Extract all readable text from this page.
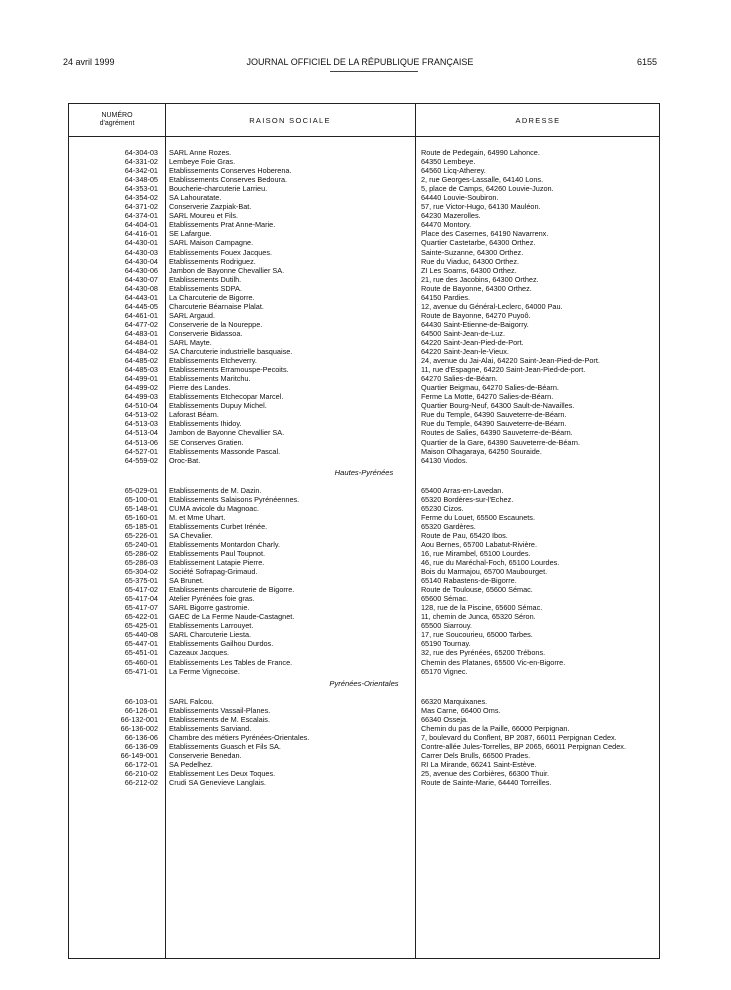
24 avril 1999	JOURNAL OFFICIEL DE LA RÉPUBLIQUE FRANÇAISE	6155
NUMÉRO
d'agrément	RAISON SOCIALE	ADRESSE
64-304-03 SARL Anne Rozes.	Route de Pedegain, 64990 Lahonce.
64-331-02 Lembeye Foie Gras.	64350 Lembeye.
64-342-01 Etablissements Conserves Hoberena.	64560 Licq-Atherey.
64-348-05 Etablissements Conserves Bedoura.	2, rue Georges-Lassalle, 64140 Lons.
64-353-01 Boucherie-charcuterie Larrieu.	5, place de Camps, 64260 Louvie-Juzon.
64-354-02 SA Lahouratate.	64440 Louvie-Soubiron.
64-371-02 Conserverie Zazpiak-Bat.	57, rue Victor-Hugo, 64130 Mauléon.
64-374-01 SARL Moureu et Fils.	64230 Mazerolles.
64-404-01 Etablissements Prat Anne-Marie.	64470 Montory.
64-416-01 SE Lafargue.	Place des Casernes, 64190 Navarrenx.
64-430-01 SARL Maison Campagne.	Quartier Castetarbe, 64300 Orthez.
64-430-03 Etablissements Fouex Jacques.	Sainte-Suzanne, 64300 Orthez.
64-430-04 Etablissements Rodriguez.	Rue du Viaduc, 64300 Orthez.
64-430-06 Jambon de Bayonne Chevallier SA.	ZI Les Soarns, 64300 Orthez.
64-430-07 Etablissements Dutilh.	21, rue des Jacobins, 64300 Orthez.
64-430-08 Etablissements SDPA.	Route de Bayonne, 64300 Orthez.
64-443-01 La Charcuterie de Bigorre.	64150 Pardies.
64-445-05 Charcuterie Béarnaise Plalat.	12, avenue du Général-Leclerc, 64000 Pau.
64-461-01 SARL Argaud.	Route de Bayonne, 64270 Puyoô.
64-477-02 Conserverie de la Noureppe.	64430 Saint-Etienne-de-Baigorry.
64-483-01 Conserverie Bidassoa.	64500 Saint-Jean-de-Luz.
64-484-01 SARL Mayte.	64220 Saint-Jean-Pied-de-Port.
64-484-02 SA Charcuterie industrielle basquaise.	64220 Saint-Jean-le-Vieux.
64-485-02 Etablissements Etcheverry.	24, avenue du Jai-Alai, 64220 Saint-Jean-Pied-de-Port.
64-485-03 Etablissements Erramouspe-Pecoits.	11, rue d'Espagne, 64220 Saint-Jean-Pied-de-port.
64-499-01 Etablissements Maritchu.	64270 Salies-de-Béarn.
64-499-02 Pierre des Landes.	Quartier Beigmau, 64270 Salies-de-Béarn.
64-499-03 Etablissements Etchecopar Marcel.	Ferme La Motte, 64270 Salies-de-Béarn.
64-510-04 Etablissements Dupuy Michel.	Quartier Bourg-Neuf, 64300 Sault-de-Navailles.
64-513-02 Laforast Béarn.	Rue du Temple, 64390 Sauveterre-de-Béarn.
64-513-03 Etablissements Ihidoy.	Rue du Temple, 64390 Sauveterre-de-Béarn.
64-513-04 Jambon de Bayonne Chevallier SA.	Routes de Salies, 64390 Sauveterre-de-Béarn.
64-513-06 SE Conserves Gratien.	Quartier de la Gare, 64390 Sauveterre-de-Béarn.
64-527-01 Etablissements Massonde Pascal.	Maison Olhagaraya, 64250 Souraide.
64-559-02 Oroc-Bat.	64130 Viodos.
Hautes-Pyrénées
65-029-01 Etablissements de M. Dazin.	65400 Arras-en-Lavedan.
65-100-01 Etablissements Salaisons Pyrénéennes.	65320 Bordères-sur-l'Echez.
65-148-01 CUMA avicole du Magnoac.	65230 Cizos.
65-160-01 M. et Mme Uhart.	Ferme du Louet, 65500 Escaunets.
65-185-01 Etablissements Curbet Irénée.	65320 Gardères.
65-226-01 SA Chevalier.	Route de Pau, 65420 Ibos.
65-240-01 Etablissements Montardon Charly.	Aou Bernes, 65700 Labatut-Rivière.
65-286-02 Etablissements Paul Toupnot.	16, rue Mirambel, 65100 Lourdes.
65-286-03 Etablissement Latapie Pierre.	46, rue du Maréchal-Foch, 65100 Lourdes.
65-304-02 Société Sofrapag-Grimaud.	Bois du Marmajou, 65700 Maubourget.
65-375-01 SA Brunet.	65140 Rabastens-de-Bigorre.
65-417-02 Etablissements charcuterie de Bigorre.	Route de Toulouse, 65600 Sémac.
65-417-04 Atelier Pyrénées foie gras.	65600 Sémac.
65-417-07 SARL Bigorre gastromie.	128, rue de la Piscine, 65600 Sémac.
65-422-01 GAEC de La Ferme Naude-Castagnet.	11, chemin de Junca, 65320 Séron.
65-425-01 Etablissements Larrouyet.	65500 Siarrouy.
65-440-08 SARL Charcuterie Liesta.	17, rue Soucourieu, 65000 Tarbes.
65-447-01 Etablissements Gailhou Durdos.	65190 Tournay.
65-451-01 Cazeaux Jacques.	32, rue des Pyrénées, 65200 Trébons.
65-460-01 Etablissements Les Tables de France.	Chemin des Platanes, 65500 Vic-en-Bigorre.
65-471-01 La Ferme Vignecoise.	65170 Vignec.
Pyrénées-Orientales
66-103-01 SARL Falcou.	66320 Marquixanes.
66-126-01 Etablissements Vassail-Planes.	Mas Carne, 66400 Oms.
66-132-001 Etablissements de M. Escalais.	66340 Osseja.
66-136-002 Etablissements Sarviand.	Chemin du pas de la Paille, 66000 Perpignan.
66-136-06 Chambre des métiers Pyrénées-Orientales.	7, boulevard du Conflent, BP 2087, 66011 Perpignan Cedex.
66-136-09 Etablissements Guasch et Fils SA.	Contre-allée Jules-Torrelles, BP 2065, 66011 Perpignan Cedex.
66-149-001 Conserverie Benedan.	Carrer Dels Brulls, 66500 Prades.
66-172-01 SA Pedelhez.	RI La Mirande, 66241 Saint-Estève.
66-210-02 Etablissement Les Deux Toques.	25, avenue des Corbières, 66300 Thuir.
66-212-02 Crudi SA Genevieve Langlais.	Route de Sainte-Marie, 64440 Torreilles.
